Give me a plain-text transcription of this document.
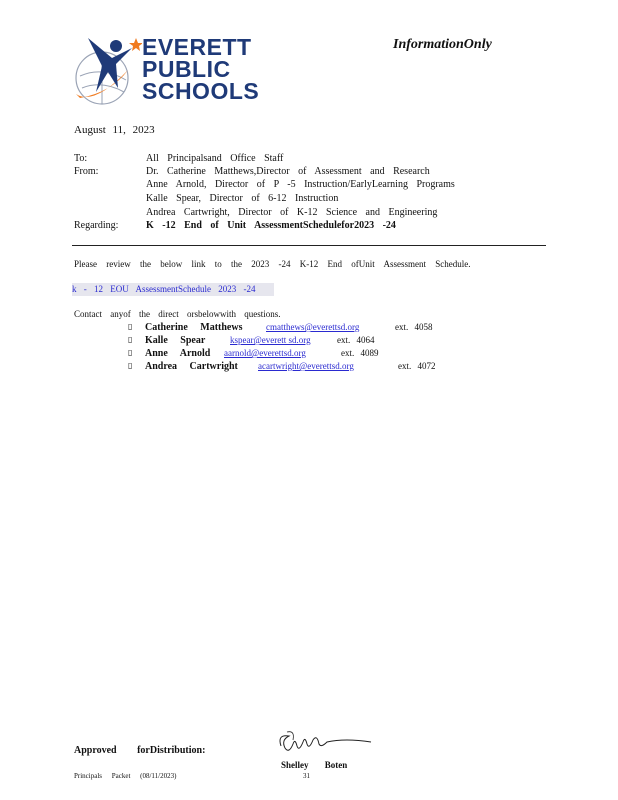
EVERETT
PUBLIC
SCHOOLS
InformationOnly
August 11, 2023
To:	All Principalsand Office Staff
From:	Dr. Catherine Matthews,Director of Assessment and Research
Anne Arnold, Director of P -5 Instruction/EarlyLearning Programs
Kalle Spear, Director of 6-12 Instruction
Andrea Cartwright, Director of K-12 Science and Engineering
Regarding:	K -12 End of Unit AssessmentSchedulefor2023 -24
Please review the below link to the 2023 -24 K-12 End ofUnit Assessment Schedule.
k - 12 EOU AssessmentSchedule 2023 -24
Contact anyof the direct orsbelowwith questions.
▯ Catherine Matthews	cmatthews@everettsd.org	ext. 4058
▯ Kalle Spear	kspear@everett sd.org	ext. 4064
▯ Anne Arnold aarnold@everettsd.org	ext. 4089
▯ Andrea Cartwright acartwright@everettsd.org	ext. 4072
Approved forDistribution:
Shelley Boten
Principals Packet (08/11/2023)	31
